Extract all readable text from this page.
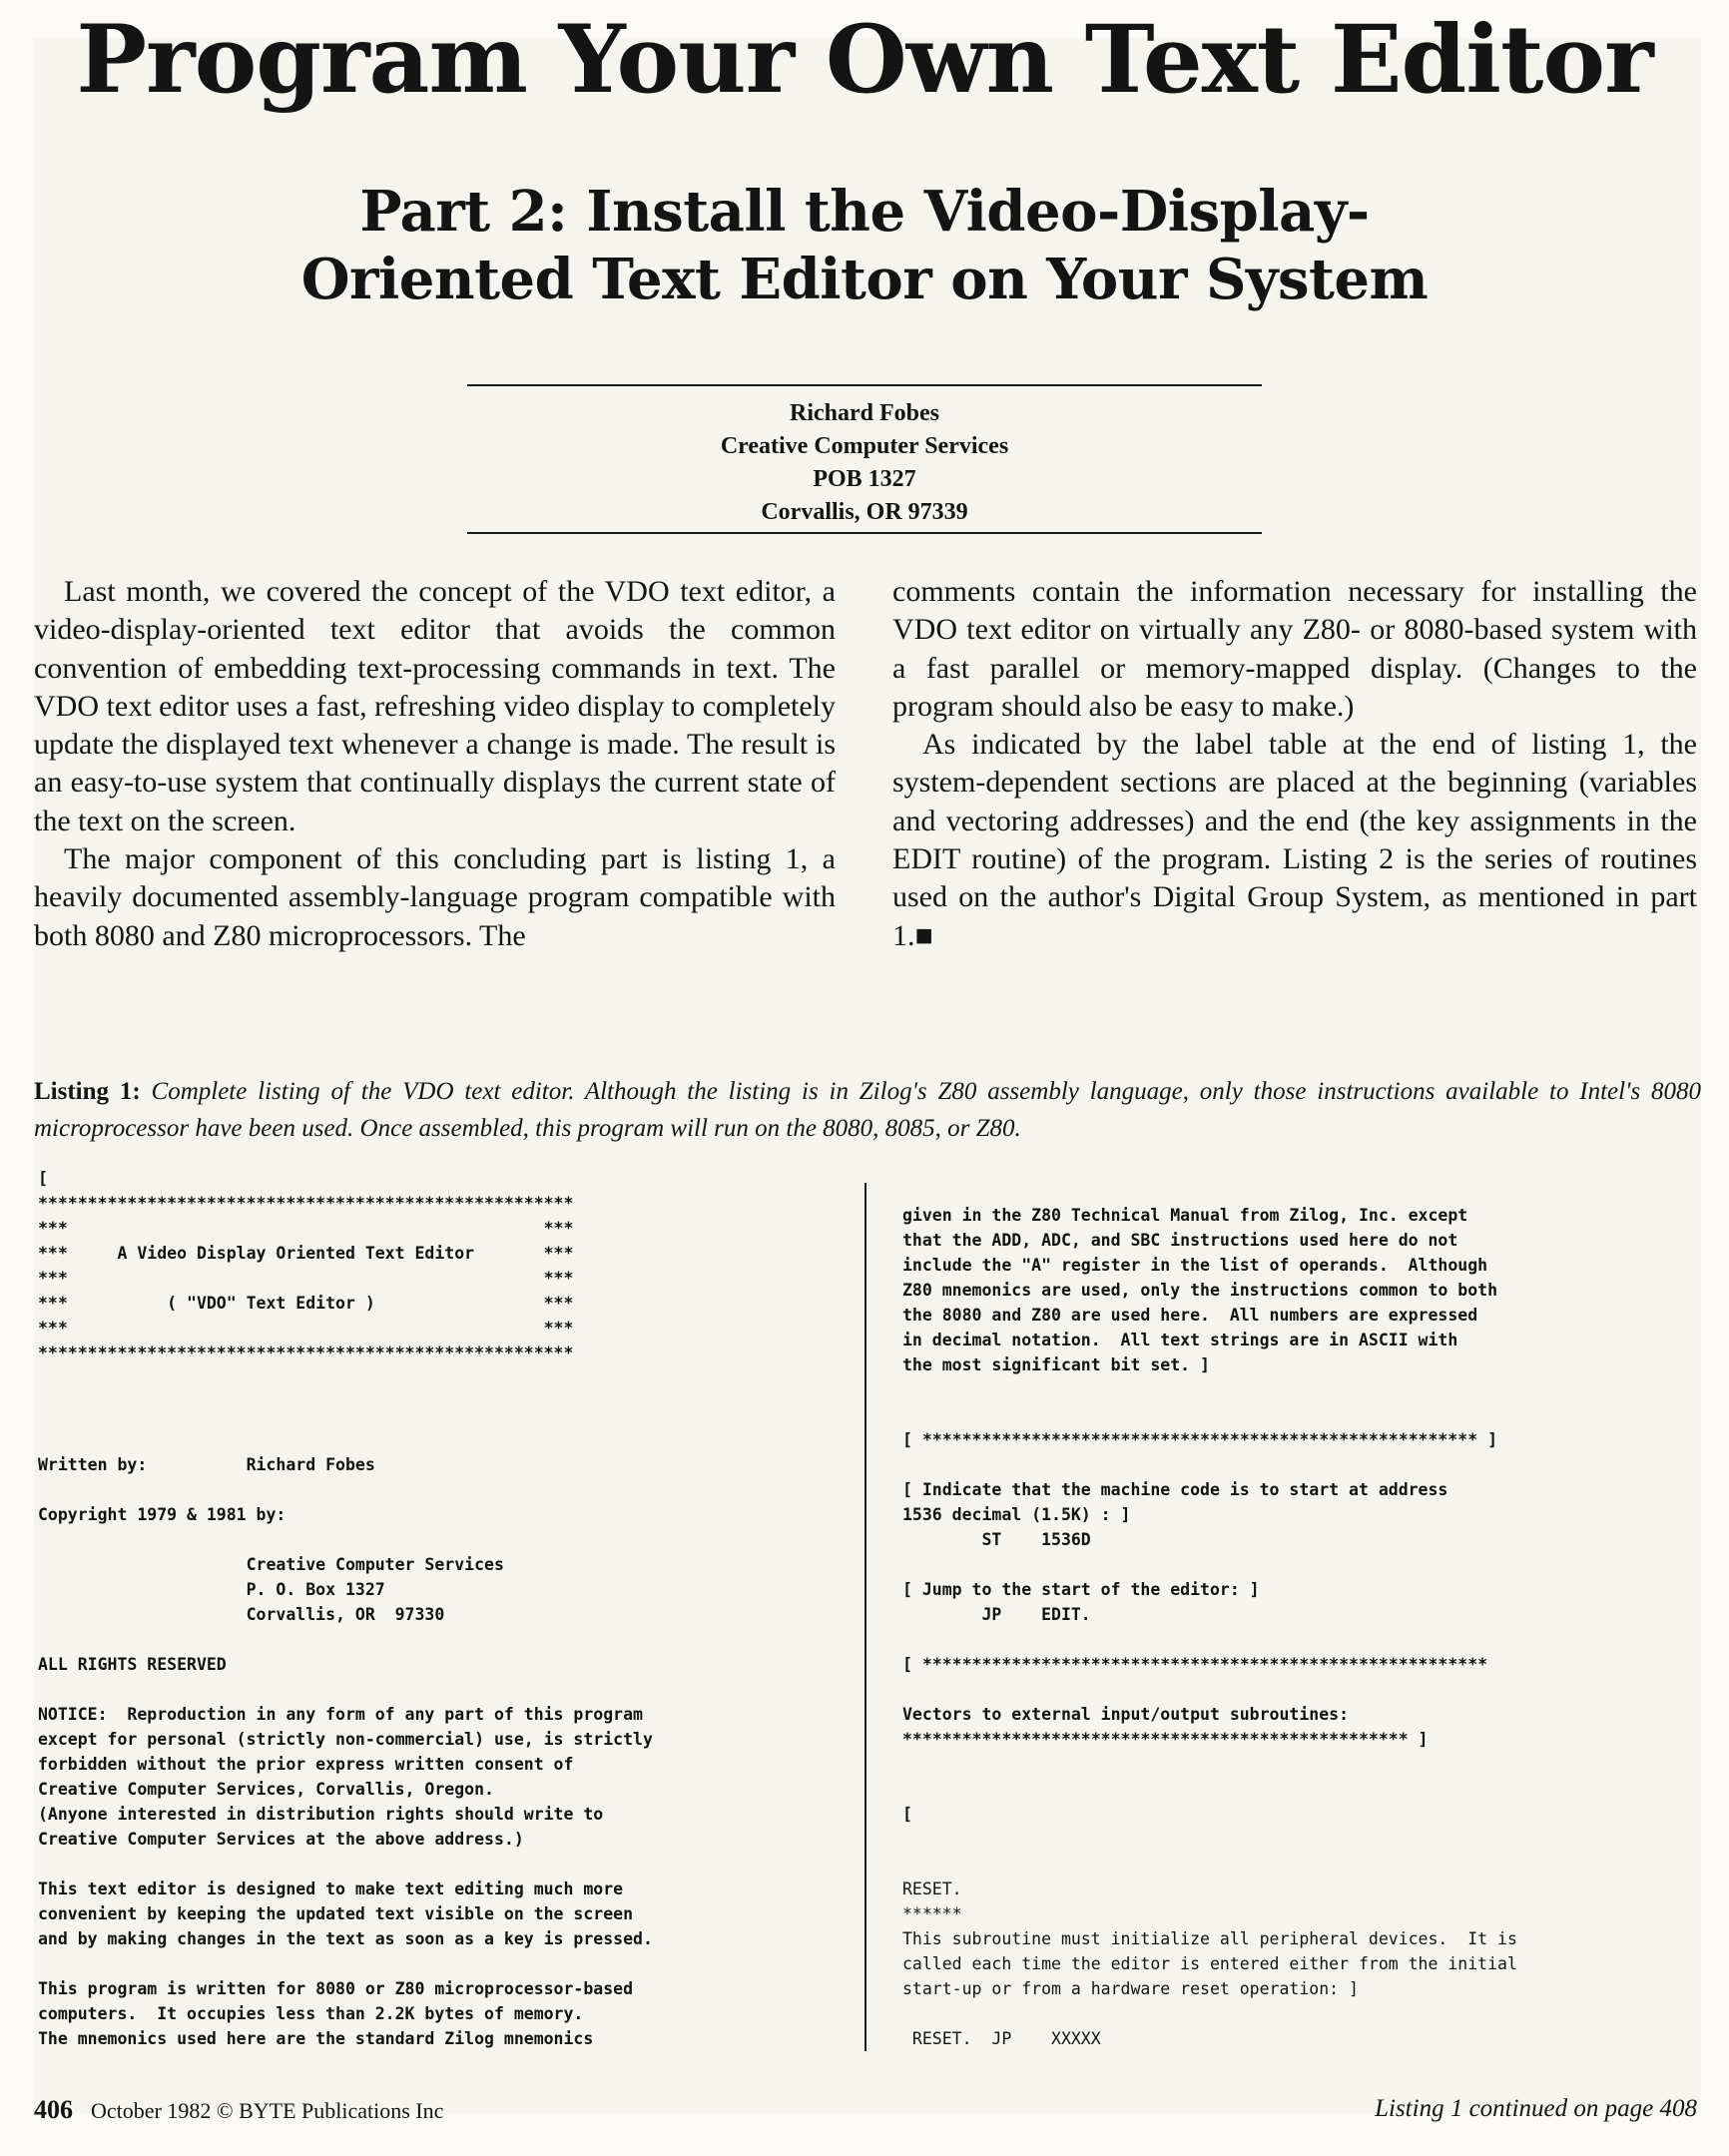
Program Your Own Text Editor
Part 2: Install the Video-Display-
Oriented Text Editor on Your System
Richard Fobes
Creative Computer Services
POB 1327
Corvallis, OR 97339

Last month, we covered the concept of the VDO text editor, a video-display-oriented text editor that avoids the common convention of embedding text-processing commands in text. The VDO text editor uses a fast, refreshing video display to completely update the displayed text whenever a change is made. The result is an easy-to-use system that continually displays the current state of the text on the screen.

The major component of this concluding part is listing 1, a heavily documented assembly-language program compatible with both 8080 and Z80 microprocessors. The

comments contain the information necessary for installing the VDO text editor on virtually any Z80- or 8080-based system with a fast parallel or memory-mapped display. (Changes to the program should also be easy to make.)

As indicated by the label table at the end of listing 1, the system-dependent sections are placed at the beginning (variables and vectoring addresses) and the end (the key assignments in the EDIT routine) of the program. Listing 2 is the series of routines used on the author's Digital Group System, as mentioned in part 1.■

Listing 1: Complete listing of the VDO text editor. Although the listing is in Zilog's Z80 assembly language, only those instructions available to Intel's 8080 microprocessor have been used. Once assembled, this program will run on the 8080, 8085, or Z80.
[
******************************************************
***                                                ***
***     A Video Display Oriented Text Editor       ***
***                                                ***
***          ( "VDO" Text Editor )                 ***
***                                                ***
******************************************************
Written by:          Richard Fobes
Copyright 1979 & 1981 by:
Creative Computer Services
P. O. Box 1327
Corvallis, OR  97330
ALL RIGHTS RESERVED
NOTICE:  Reproduction in any form of any part of this program
except for personal (strictly non-commercial) use, is strictly
forbidden without the prior express written consent of
Creative Computer Services, Corvallis, Oregon.
(Anyone interested in distribution rights should write to
Creative Computer Services at the above address.)
This text editor is designed to make text editing much more
convenient by keeping the updated text visible on the screen
and by making changes in the text as soon as a key is pressed.
This program is written for 8080 or Z80 microprocessor-based
computers.  It occupies less than 2.2K bytes of memory.
The mnemonics used here are the standard Zilog mnemonics
given in the Z80 Technical Manual from Zilog, Inc. except
that the ADD, ADC, and SBC instructions used here do not
include the "A" register in the list of operands.  Although
Z80 mnemonics are used, only the instructions common to both
the 8080 and Z80 are used here.  All numbers are expressed
in decimal notation.  All text strings are in ASCII with
the most significant bit set. ]
[ ******************************************************** ]
[ Indicate that the machine code is to start at address
1536 decimal (1.5K) : ]
ST    1536D
[ Jump to the start of the editor: ]
JP    EDIT.
[ *********************************************************
Vectors to external input/output subroutines:
*************************************************** ]
[
RESET.
******
This subroutine must initialize all peripheral devices.  It is
called each time the editor is entered either from the initial
start-up or from a hardware reset operation: ]
RESET.  JP    XXXXX
406 October 1982 © BYTE Publications Inc	Listing 1 continued on page 408
